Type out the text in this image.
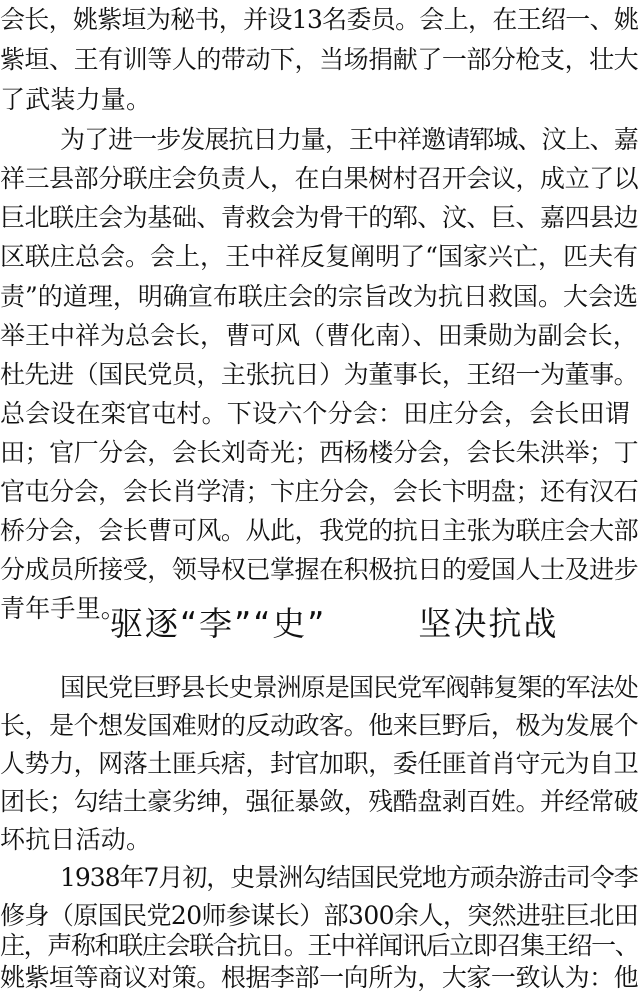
会长，姚紫垣为秘书，并设13名委员。会上，在王绍一、姚
紫垣、王有训等人的带动下，当场捐献了一部分枪支，壮大
了武装力量。
为了进一步发展抗日力量，王中祥邀请郓城、汶上、嘉
祥三县部分联庄会负责人，在白果树村召开会议，成立了以
巨北联庄会为基础、青救会为骨干的郓、汶、巨、嘉四县边
区联庄总会。会上，王中祥反复阐明了“国家兴亡，匹夫有
责”的道理，明确宣布联庄会的宗旨改为抗日救国。大会选
举王中祥为总会长，曹可风（曹化南）、田秉勋为副会长，
杜先进（国民党员，主张抗日）为董事长，王绍一为董事。
总会设在栾官屯村。下设六个分会：田庄分会，会长田谓
田；官厂分会，会长刘奇光；西杨楼分会，会长朱洪举；丁
官屯分会，会长肖学清；卞庄分会，会长卞明盘；还有汉石
桥分会，会长曹可风。从此，我党的抗日主张为联庄会大部
分成员所接受，领导权已掌握在积极抗日的爱国人士及进步
青年手里。
驱逐“李”“史”	坚决抗战
国民党巨野县长史景洲原是国民党军阀韩复榘的军法处
长，是个想发国难财的反动政客。他来巨野后，极为发展个
人势力，网落土匪兵痞，封官加职，委任匪首肖守元为自卫
团长；勾结土豪劣绅，强征暴敛，残酷盘剥百姓。并经常破
坏抗日活动。
1938年7月初，史景洲勾结国民党地方顽杂游击司令李
修身（原国民党20师参谋长）部300余人，突然进驻巨北田
庄，声称和联庄会联合抗日。王中祥闻讯后立即召集王绍一、
姚紫垣等商议对策。根据李部一向所为，大家一致认为：他
